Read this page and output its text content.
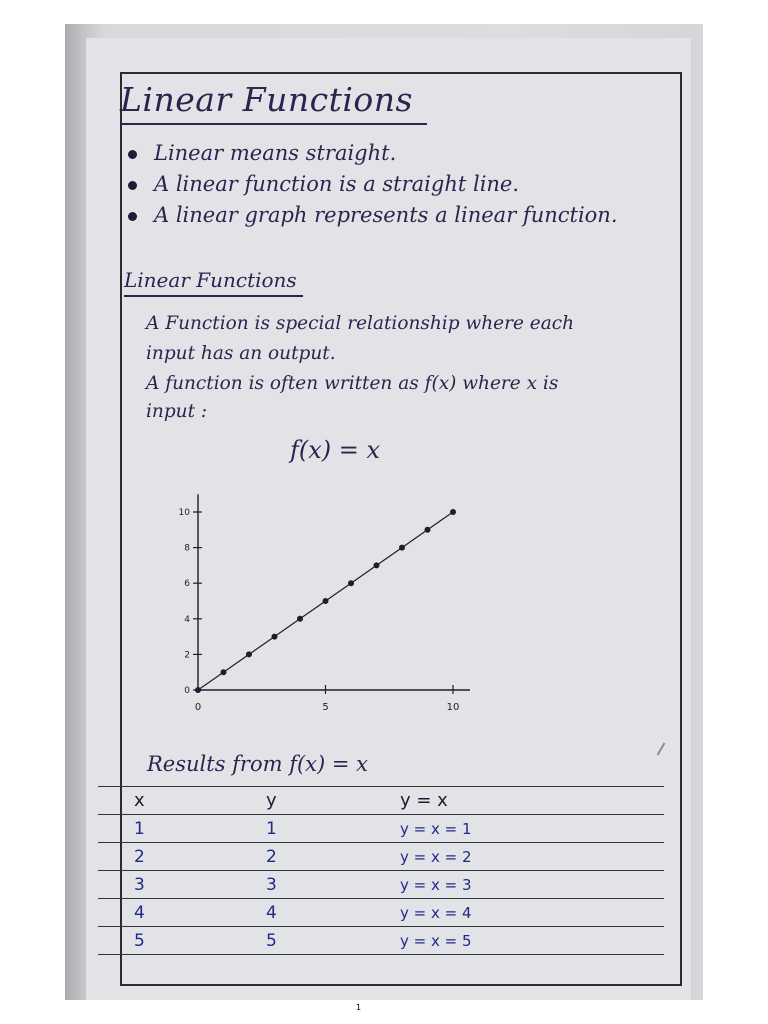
Linear Functions
Linear means straight.
A linear function is a straight line.
A linear graph represents a linear function.
Linear Functions
A Function is special relationship where each
input has an output.
A function is often written as f(x) where x is
input :
f(x) = x
0
2
4
6
8
10
0	5	10
Results from f(x) = x
x	y	y = x
1	1	y = x = 1
2	2	y = x = 2
3	3	y = x = 3
4	4	y = x = 4
5	5	y = x = 5
1
